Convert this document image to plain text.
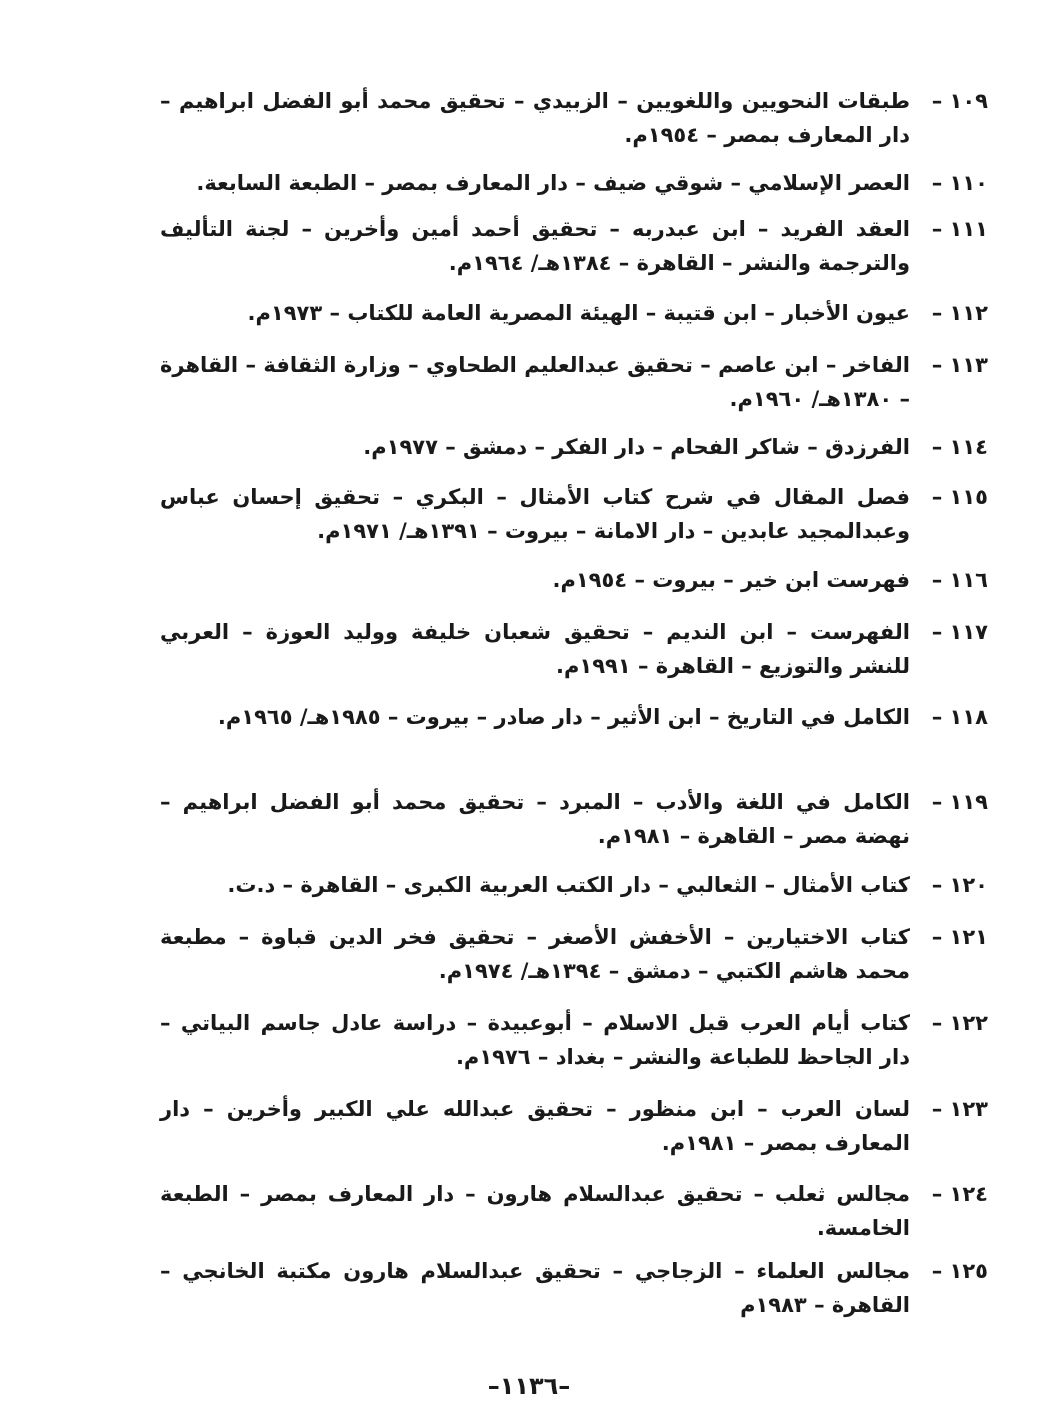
١٠٩ –
طبقات النحويين واللغويين – الزبيدي – تحقيق محمد أبو الفضل ابراهيم – دار المعارف بمصر – ١٩٥٤م.
١١٠ –
العصر الإسلامي – شوقي ضيف – دار المعارف بمصر – الطبعة السابعة.
١١١ –
العقد الفريد – ابن عبدربه – تحقيق أحمد أمين وأخرين – لجنة التأليف والترجمة والنشر – القاهرة – ١٣٨٤هـ/ ١٩٦٤م.
١١٢ –
عيون الأخبار – ابن قتيبة – الهيئة المصرية العامة للكتاب – ١٩٧٣م.
١١٣ –
الفاخر – ابن عاصم – تحقيق عبدالعليم الطحاوي – وزارة الثقافة – القاهرة – ١٣٨٠هـ/ ١٩٦٠م.
١١٤ –
الفرزدق – شاكر الفحام – دار الفكر – دمشق – ١٩٧٧م.
١١٥ –
فصل المقال في شرح كتاب الأمثال – البكري – تحقيق إحسان عباس وعبدالمجيد عابدين – دار الامانة – بيروت – ١٣٩١هـ/ ١٩٧١م.
١١٦ –
فهرست ابن خير – بيروت – ١٩٥٤م.
١١٧ –
الفهرست – ابن النديم – تحقيق شعبان خليفة ووليد العوزة – العربي للنشر والتوزيع – القاهرة – ١٩٩١م.
١١٨ –
الكامل في التاريخ – ابن الأثير – دار صادر – بيروت – ١٩٨٥هـ/ ١٩٦٥م.
١١٩ –
الكامل في اللغة والأدب – المبرد – تحقيق محمد أبو الفضل ابراهيم – نهضة مصر – القاهرة – ١٩٨١م.
١٢٠ –
كتاب الأمثال – الثعالبي – دار الكتب العربية الكبرى – القاهرة – د.ت.
١٢١ –
كتاب الاختيارين – الأخفش الأصغر – تحقيق فخر الدين قباوة – مطبعة محمد هاشم الكتبي – دمشق – ١٣٩٤هـ/ ١٩٧٤م.
١٢٢ –
كتاب أيام العرب قبل الاسلام – أبوعبيدة – دراسة عادل جاسم البياتي – دار الجاحظ للطباعة والنشر – بغداد – ١٩٧٦م.
١٢٣ –
لسان العرب – ابن منظور – تحقيق عبدالله علي الكبير وأخرين – دار المعارف بمصر – ١٩٨١م.
١٢٤ –
مجالس ثعلب – تحقيق عبدالسلام هارون – دار المعارف بمصر – الطبعة الخامسة.
١٢٥ –
مجالس العلماء – الزجاجي – تحقيق عبدالسلام هارون مكتبة الخانجي – القاهرة – ١٩٨٣م
–١١٣٦–
